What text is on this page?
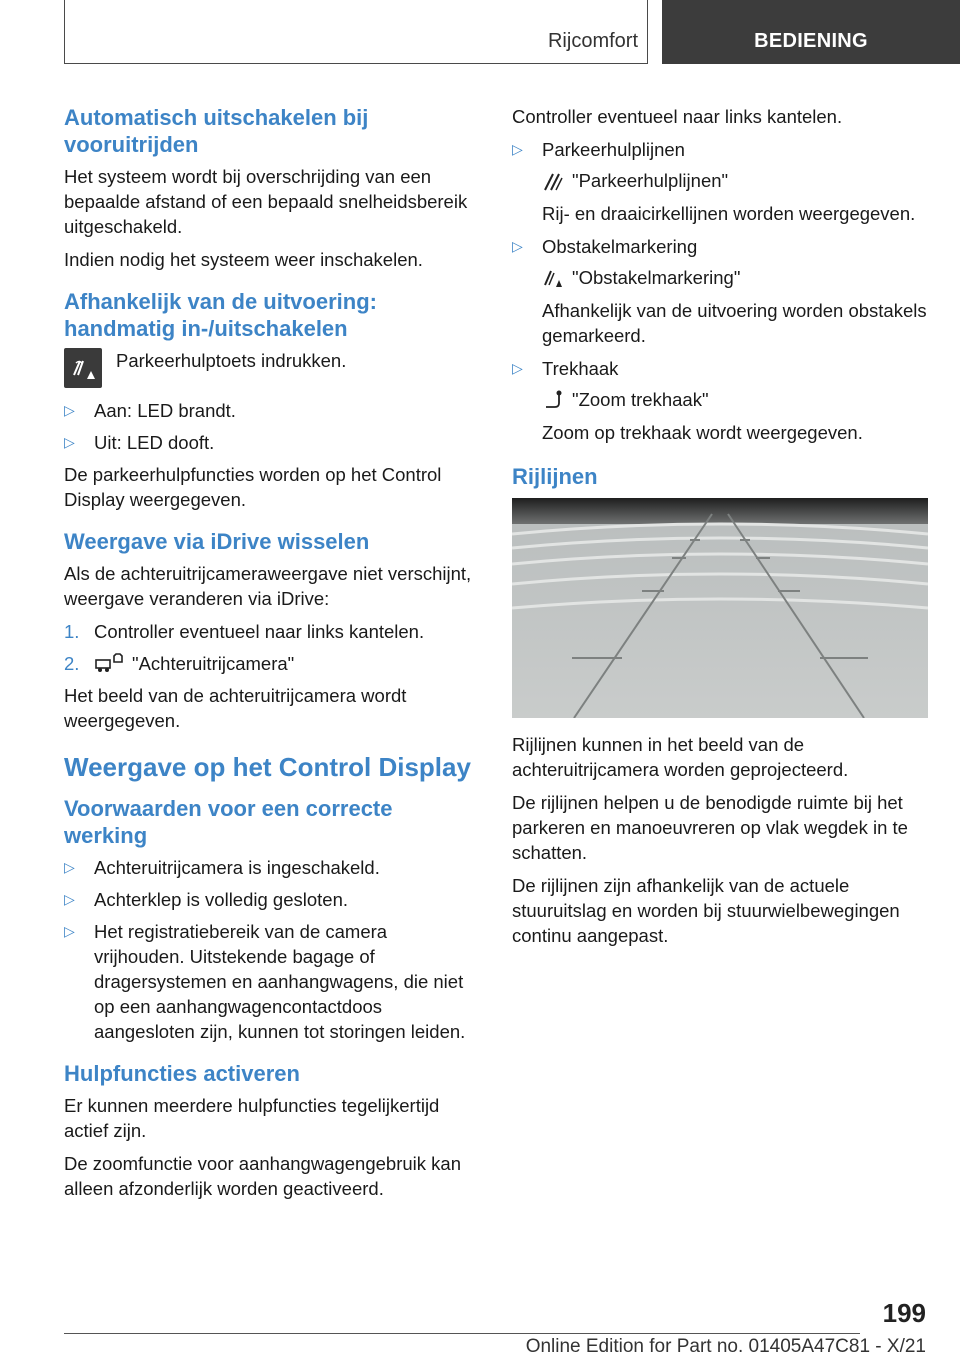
Rijcomfort	BEDIENING
Automatisch uitschakelen bij vooruitrijden

Het systeem wordt bij overschrijding van een bepaalde afstand of een bepaald snelheidsbereik uitgeschakeld.

Indien nodig het systeem weer inschakelen.

Afhankelijk van de uitvoering: handmatig in-/uitschakelen

Parkeerhulptoets indrukken.

▷ Aan: LED brandt.
▷ Uit: LED dooft.

De parkeerhulpfuncties worden op het Control Display weergegeven.

Weergave via iDrive wisselen

Als de achteruitrijcameraweergave niet verschijnt, weergave veranderen via iDrive:

1. Controller eventueel naar links kantelen.
2.	"Achteruitrijcamera"

Het beeld van de achteruitrijcamera wordt weergegeven.

Weergave op het Control Display
Voorwaarden voor een correcte werking
▷ Achteruitrijcamera is ingeschakeld.
▷ Achterklep is volledig gesloten.
▷ Het registratiebereik van de camera vrijhouden. Uitstekende bagage of dragersystemen en aanhangwagens, die niet op een aanhangwagencontactdoos aangesloten zijn, kunnen tot storingen leiden.
Hulpfuncties activeren

Er kunnen meerdere hulpfuncties tegelijkertijd actief zijn.

De zoomfunctie voor aanhangwagengebruik kan alleen afzonderlijk worden geactiveerd.

Controller eventueel naar links kantelen.

▷ Parkeerhulplijnen
"Parkeerhulplijnen"
Rij- en draaicirkellijnen worden weergegeven.
▷ Obstakelmarkering
"Obstakelmarkering"
Afhankelijk van de uitvoering worden obstakels gemarkeerd.
▷ Trekhaak
"Zoom trekhaak"
Zoom op trekhaak wordt weergegeven.
Rijlijnen

Rijlijnen kunnen in het beeld van de achteruitrijcamera worden geprojecteerd.

De rijlijnen helpen u de benodigde ruimte bij het parkeren en manoeuvreren op vlak wegdek in te schatten.

De rijlijnen zijn afhankelijk van de actuele stuuruitslag en worden bij stuurwielbewegingen continu aangepast.

199
Online Edition for Part no. 01405A47C81 - X/21
